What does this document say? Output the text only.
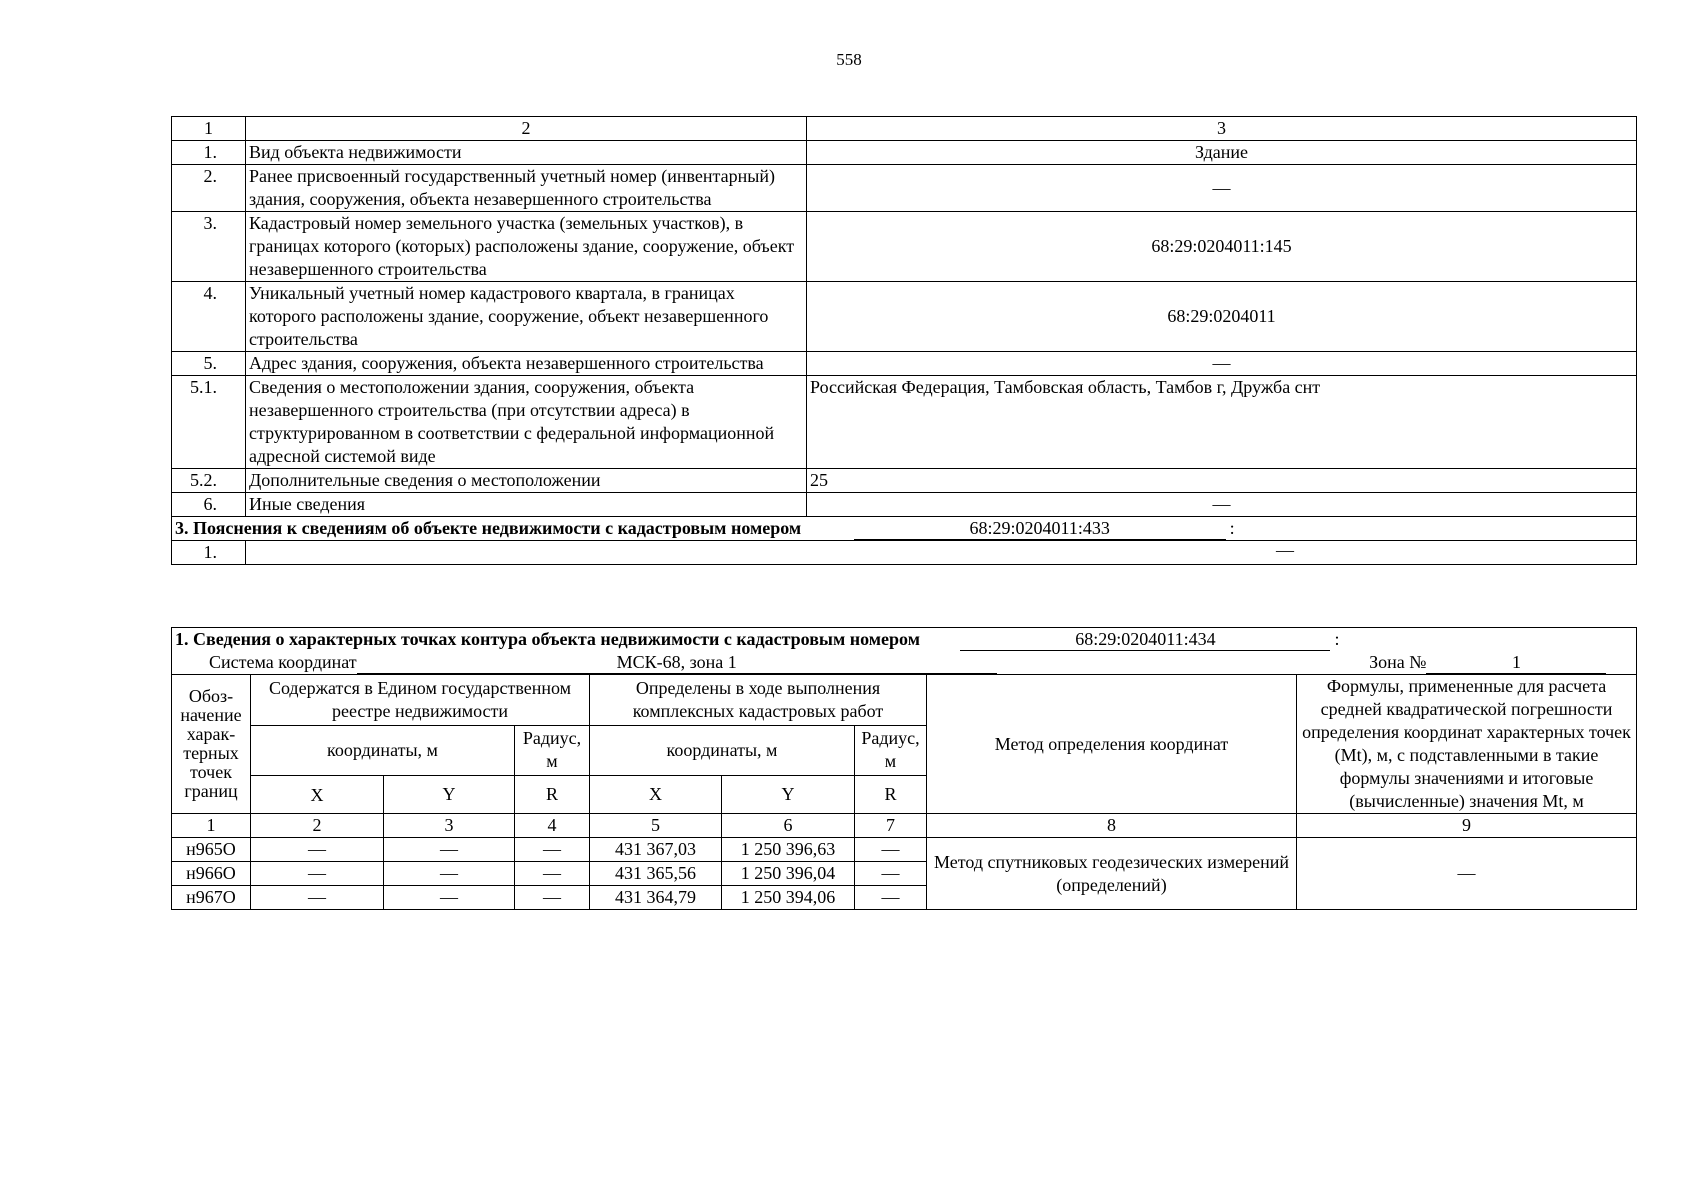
558
1	2	3
1.	Вид объекта недвижимости	Здание
2.	Ранее присвоенный государственный учетный номер (инвентарный) здания, сооружения, объекта незавершенного строительства	—
3.	Кадастровый номер земельного участка (земельных участков), в границах которого (которых) расположены здание, сооружение, объект незавершенного строительства	68:29:0204011:145
4.	Уникальный учетный номер кадастрового квартала, в границах которого расположены здание, сооружение, объект незавершенного строительства	68:29:0204011
5.	Адрес здания, сооружения, объекта незавершенного строительства	—
5.1.	Сведения о местоположении здания, сооружения, объекта незавершенного строительства (при отсутствии адреса) в структурированном в соответствии с федеральной информационной адресной системой виде	Российская Федерация, Тамбовская область, Тамбов г, Дружба снт
5.2.	Дополнительные сведения о местоположении	25
6.	Иные сведения	—
3. Пояснения к сведениям об объекте недвижимости с кадастровым номером 68:29:0204011:433 :		
1.	—	
1. Сведения о характерных точках контура объекта недвижимости с кадастровым номером 68:29:0204011:434 :								
Система координат МСК-68, зона 1 Зона № 1								
Обоз-начение харак-терных точек границ	Содержатся в Едином государственном реестре недвижимости			Определены в ходе выполнения комплексных кадастровых работ			Метод определения координат	Формулы, примененные для расчета средней квадратической погрешности определения координат характерных точек (Mt), м, с подставленными в такие формулы значениями и итоговые (вычисленные) значения Mt, м
	координаты, м		Радиус, м	координаты, м		Радиус, м		
	X	Y	R	X	Y	R		
1	2	3	4	5	6	7	8	9
н965О	—	—	—	431 367,03	1 250 396,63	—	Метод спутниковых геодезических измерений (определений)	—
н966О	—	—	—	431 365,56	1 250 396,04	—		
н967О	—	—	—	431 364,79	1 250 394,06	—		
